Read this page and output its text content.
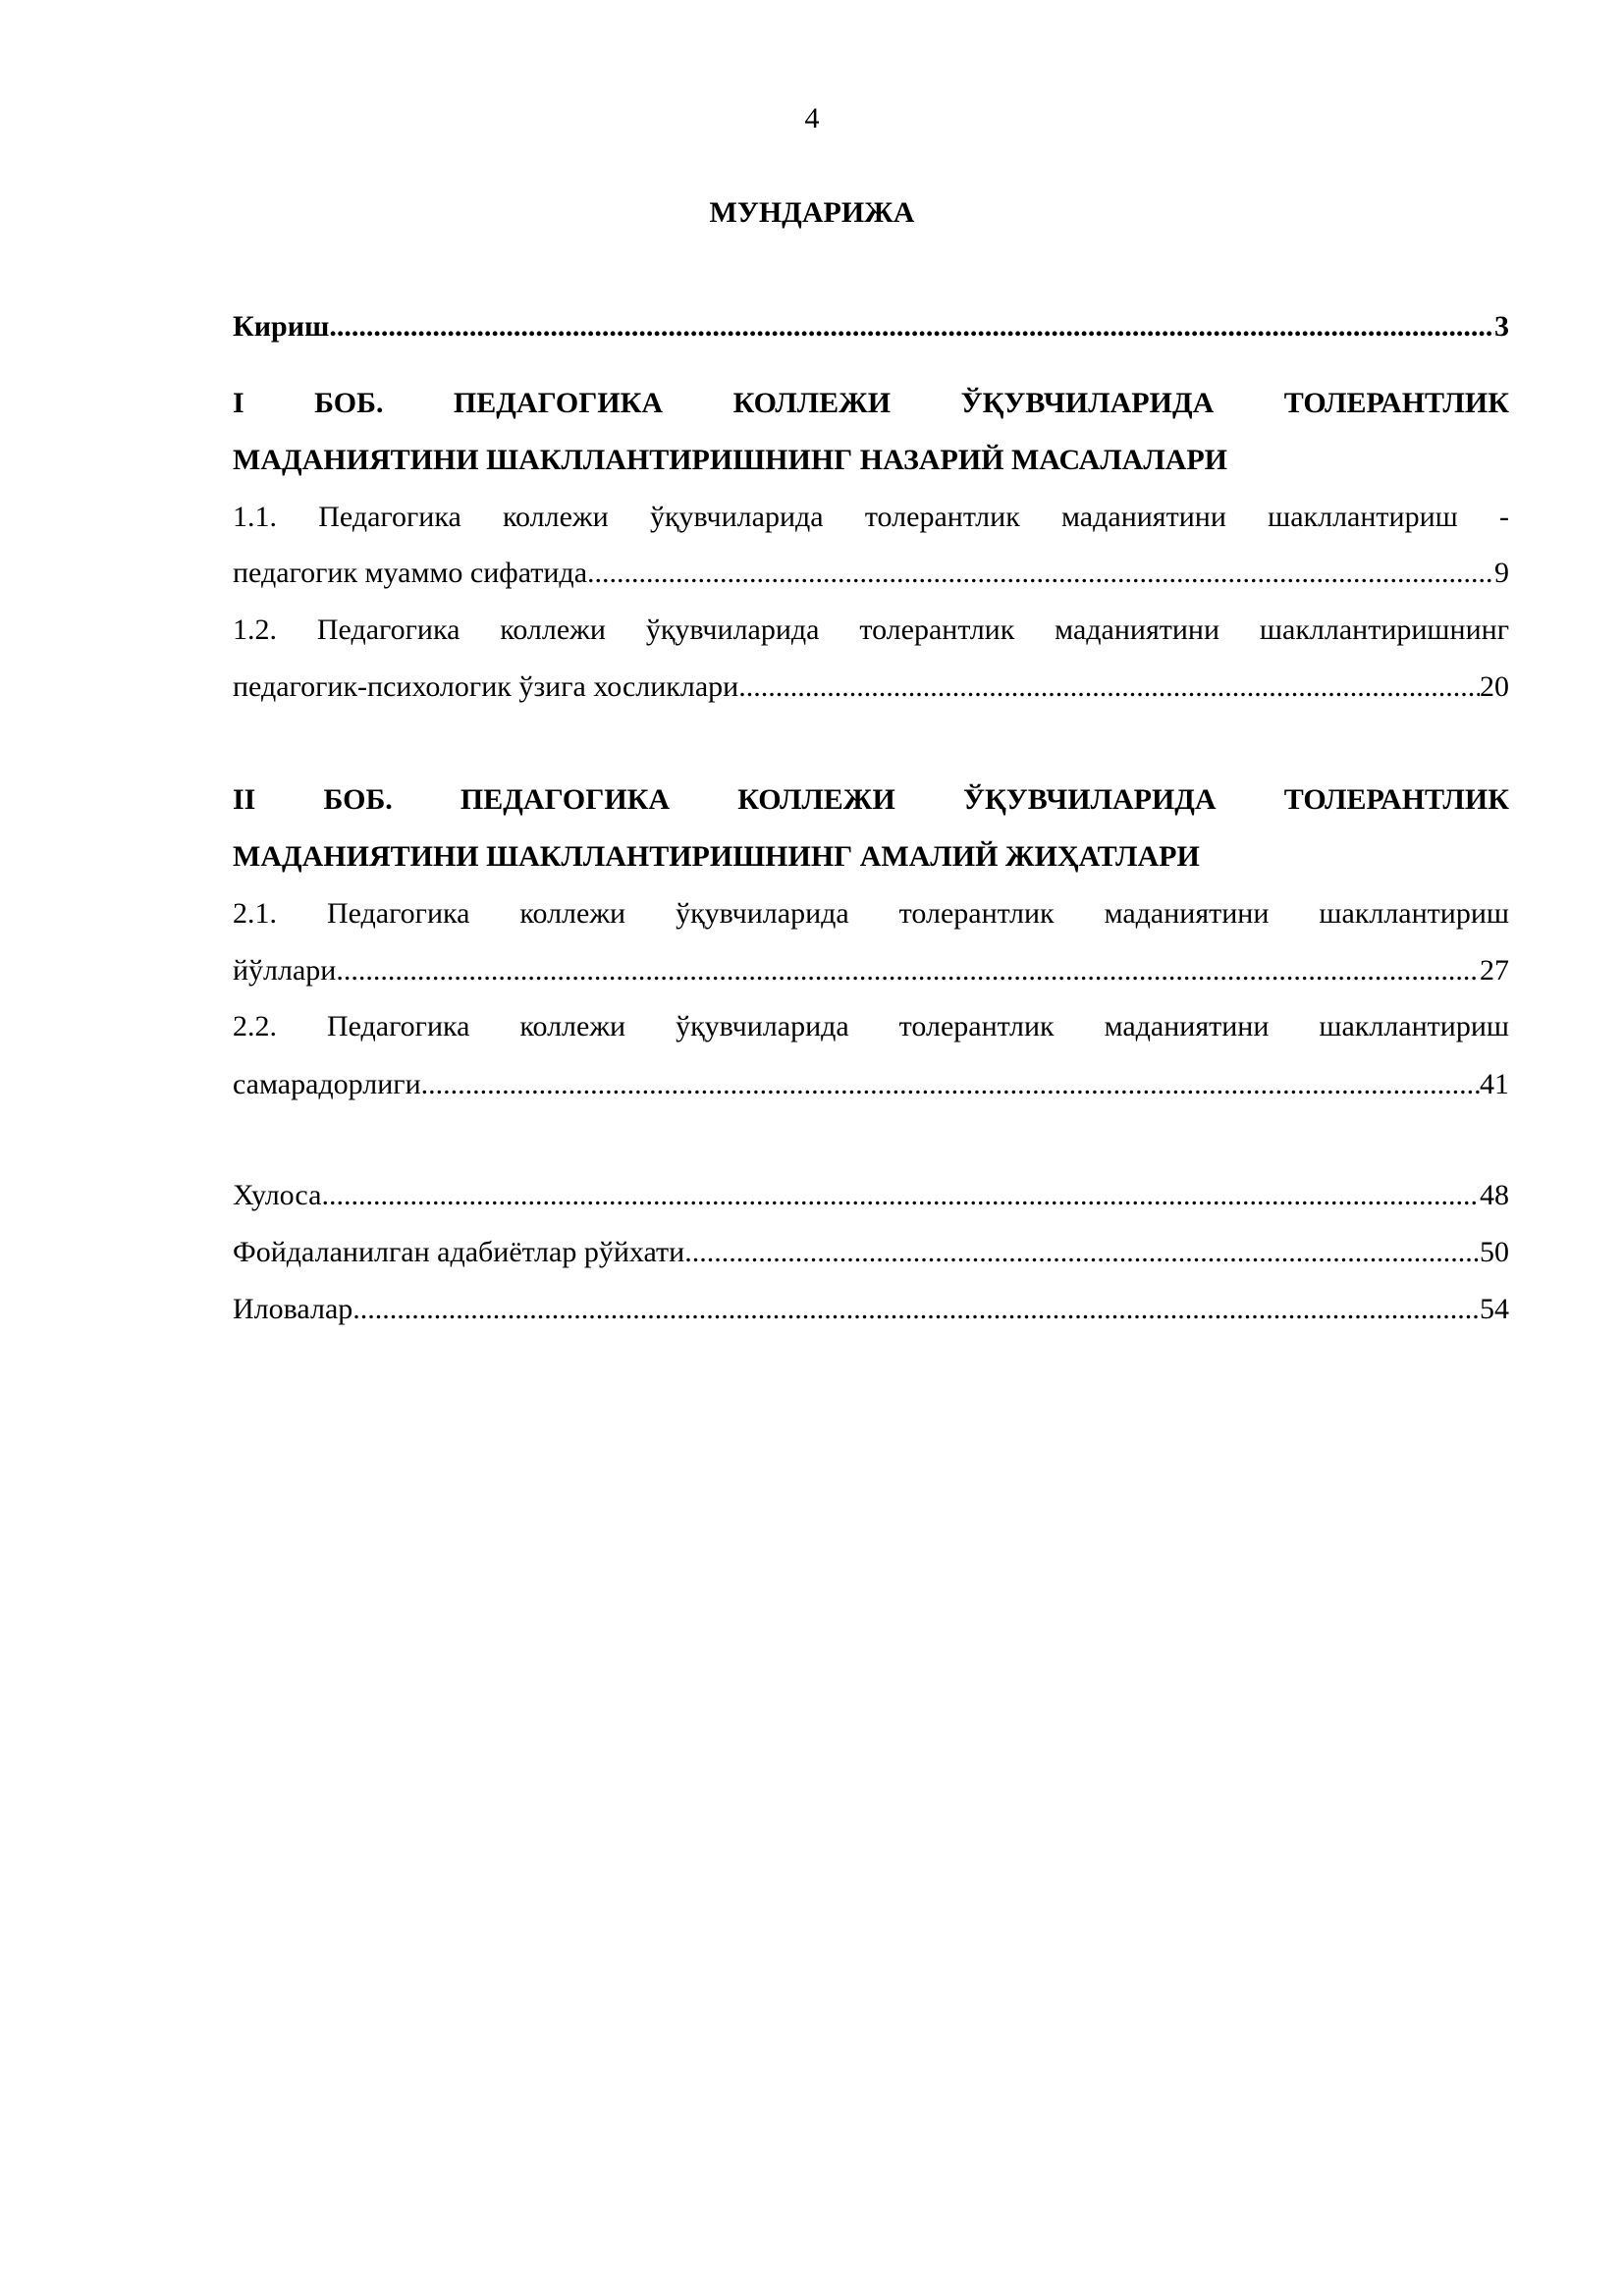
4
МУНДАРИЖА
Кириш .....	3
I БОБ. ПЕДАГОГИКА КОЛЛЕЖИ ЎҚУВЧИЛАРИДА ТОЛЕРАНТЛИК
МАДАНИЯТИНИ ШАКЛЛАНТИРИШНИНГ НАЗАРИЙ МАСАЛАЛАРИ
1.1. Педагогика коллежи ўқувчиларида толерантлик маданиятини шакллантириш -
педагогик муаммо сифатида .....	9
1.2. Педагогика коллежи ўқувчиларида толерантлик маданиятини шакллантиришнинг
педагогик-психологик ўзига хосликлари .....	20
II БОБ. ПЕДАГОГИКА КОЛЛЕЖИ ЎҚУВЧИЛАРИДА ТОЛЕРАНТЛИК
МАДАНИЯТИНИ ШАКЛЛАНТИРИШНИНГ АМАЛИЙ ЖИҲАТЛАРИ
2.1. Педагогика коллежи ўқувчиларида толерантлик маданиятини шакллантириш
йўллари .....	27
2.2. Педагогика коллежи ўқувчиларида толерантлик маданиятини шакллантириш
самарадорлиги .....	41
Хулоса .....	48
Фойдаланилган адабиётлар рўйхати .....	50
Иловалар .....	54
